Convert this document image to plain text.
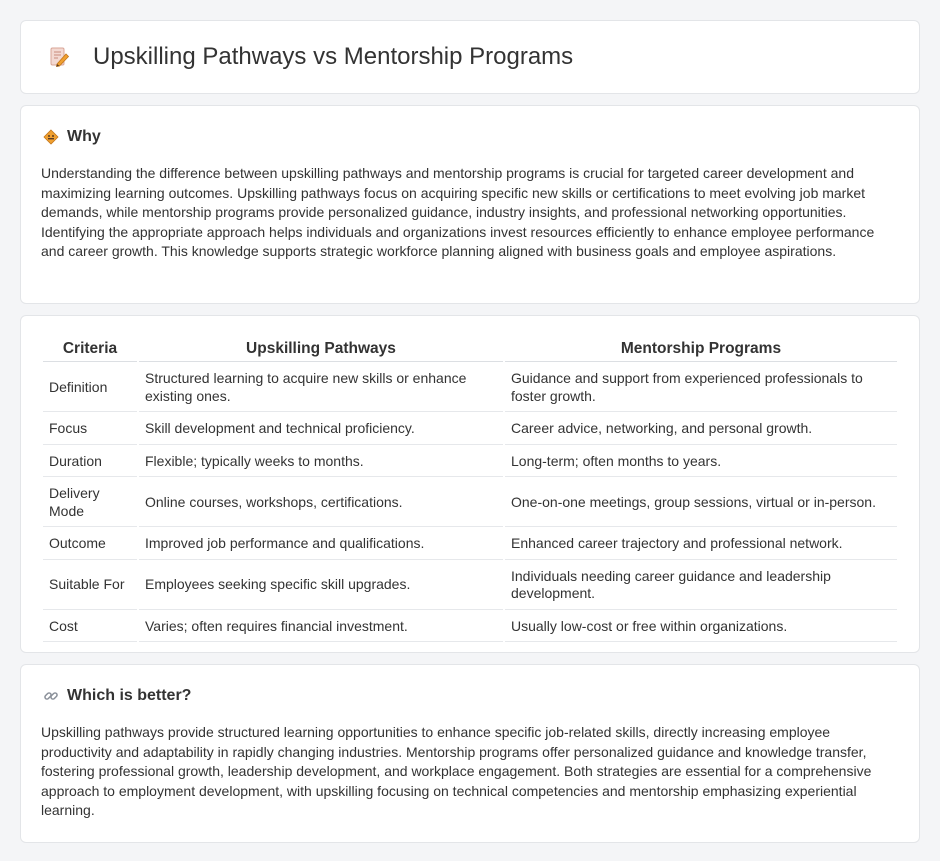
Upskilling Pathways vs Mentorship Programs
Why

Understanding the difference between upskilling pathways and mentorship programs is crucial for targeted career development and maximizing learning outcomes. Upskilling pathways focus on acquiring specific new skills or certifications to meet evolving job market demands, while mentorship programs provide personalized guidance, industry insights, and professional networking opportunities. Identifying the appropriate approach helps individuals and organizations invest resources efficiently to enhance employee performance and career growth. This knowledge supports strategic workforce planning aligned with business goals and employee aspirations.

Criteria	Upskilling Pathways	Mentorship Programs
Definition	Structured learning to acquire new skills or enhance existing ones.	Guidance and support from experienced professionals to foster growth.
Focus	Skill development and technical proficiency.	Career advice, networking, and personal growth.
Duration	Flexible; typically weeks to months.	Long-term; often months to years.
Delivery Mode	Online courses, workshops, certifications.	One-on-one meetings, group sessions, virtual or in-person.
Outcome	Improved job performance and qualifications.	Enhanced career trajectory and professional network.
Suitable For	Employees seeking specific skill upgrades.	Individuals needing career guidance and leadership development.
Cost	Varies; often requires financial investment.	Usually low-cost or free within organizations.
Which is better?

Upskilling pathways provide structured learning opportunities to enhance specific job-related skills, directly increasing employee productivity and adaptability in rapidly changing industries. Mentorship programs offer personalized guidance and knowledge transfer, fostering professional growth, leadership development, and workplace engagement. Both strategies are essential for a comprehensive approach to employment development, with upskilling focusing on technical competencies and mentorship emphasizing experiential learning.
